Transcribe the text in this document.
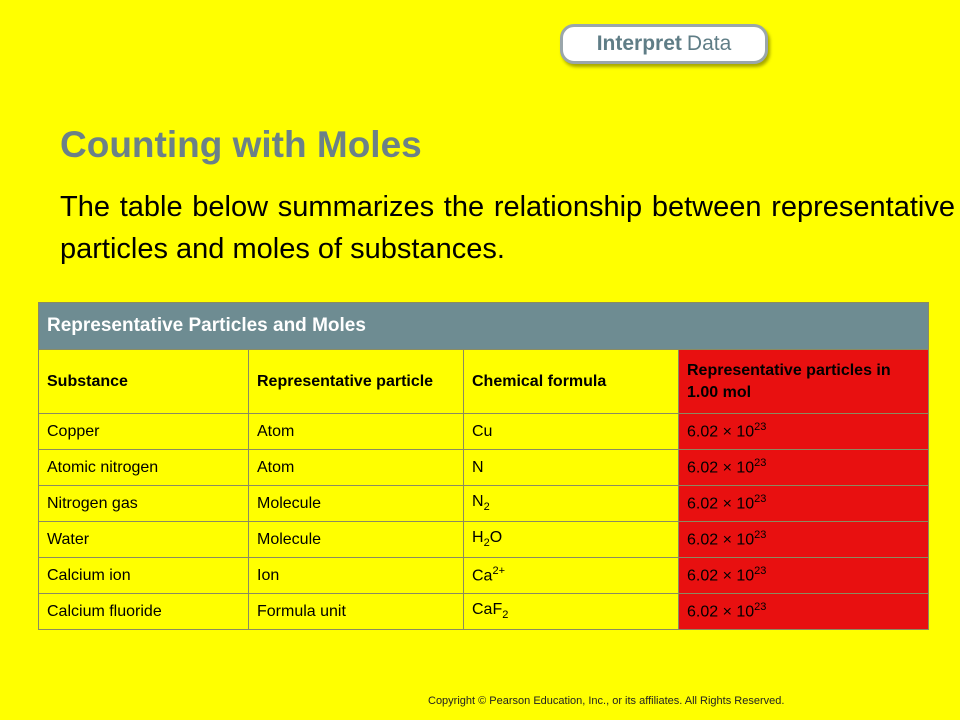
Interpret Data
Counting with Moles

The table below summarizes the relationship between representative particles and moles of substances.

Representative Particles and Moles			
Substance	Representative particle	Chemical formula	Representative particles in 1.00 mol
Copper	Atom	Cu	$6.02 \times 10^{23}$
Atomic nitrogen	Atom	N	$6.02 \times 10^{23}$
Nitrogen gas	Molecule	$N_2$	$6.02 \times 10^{23}$
Water	Molecule	$H_2O$	$6.02 \times 10^{23}$
Calcium ion	Ion	$Ca^{2+}$	$6.02 \times 10^{23}$
Calcium fluoride	Formula unit	CaF$_2$	$6.02 \times 10^{23}$
Copyright © Pearson Education, Inc., or its affiliates. All Rights Reserved.
